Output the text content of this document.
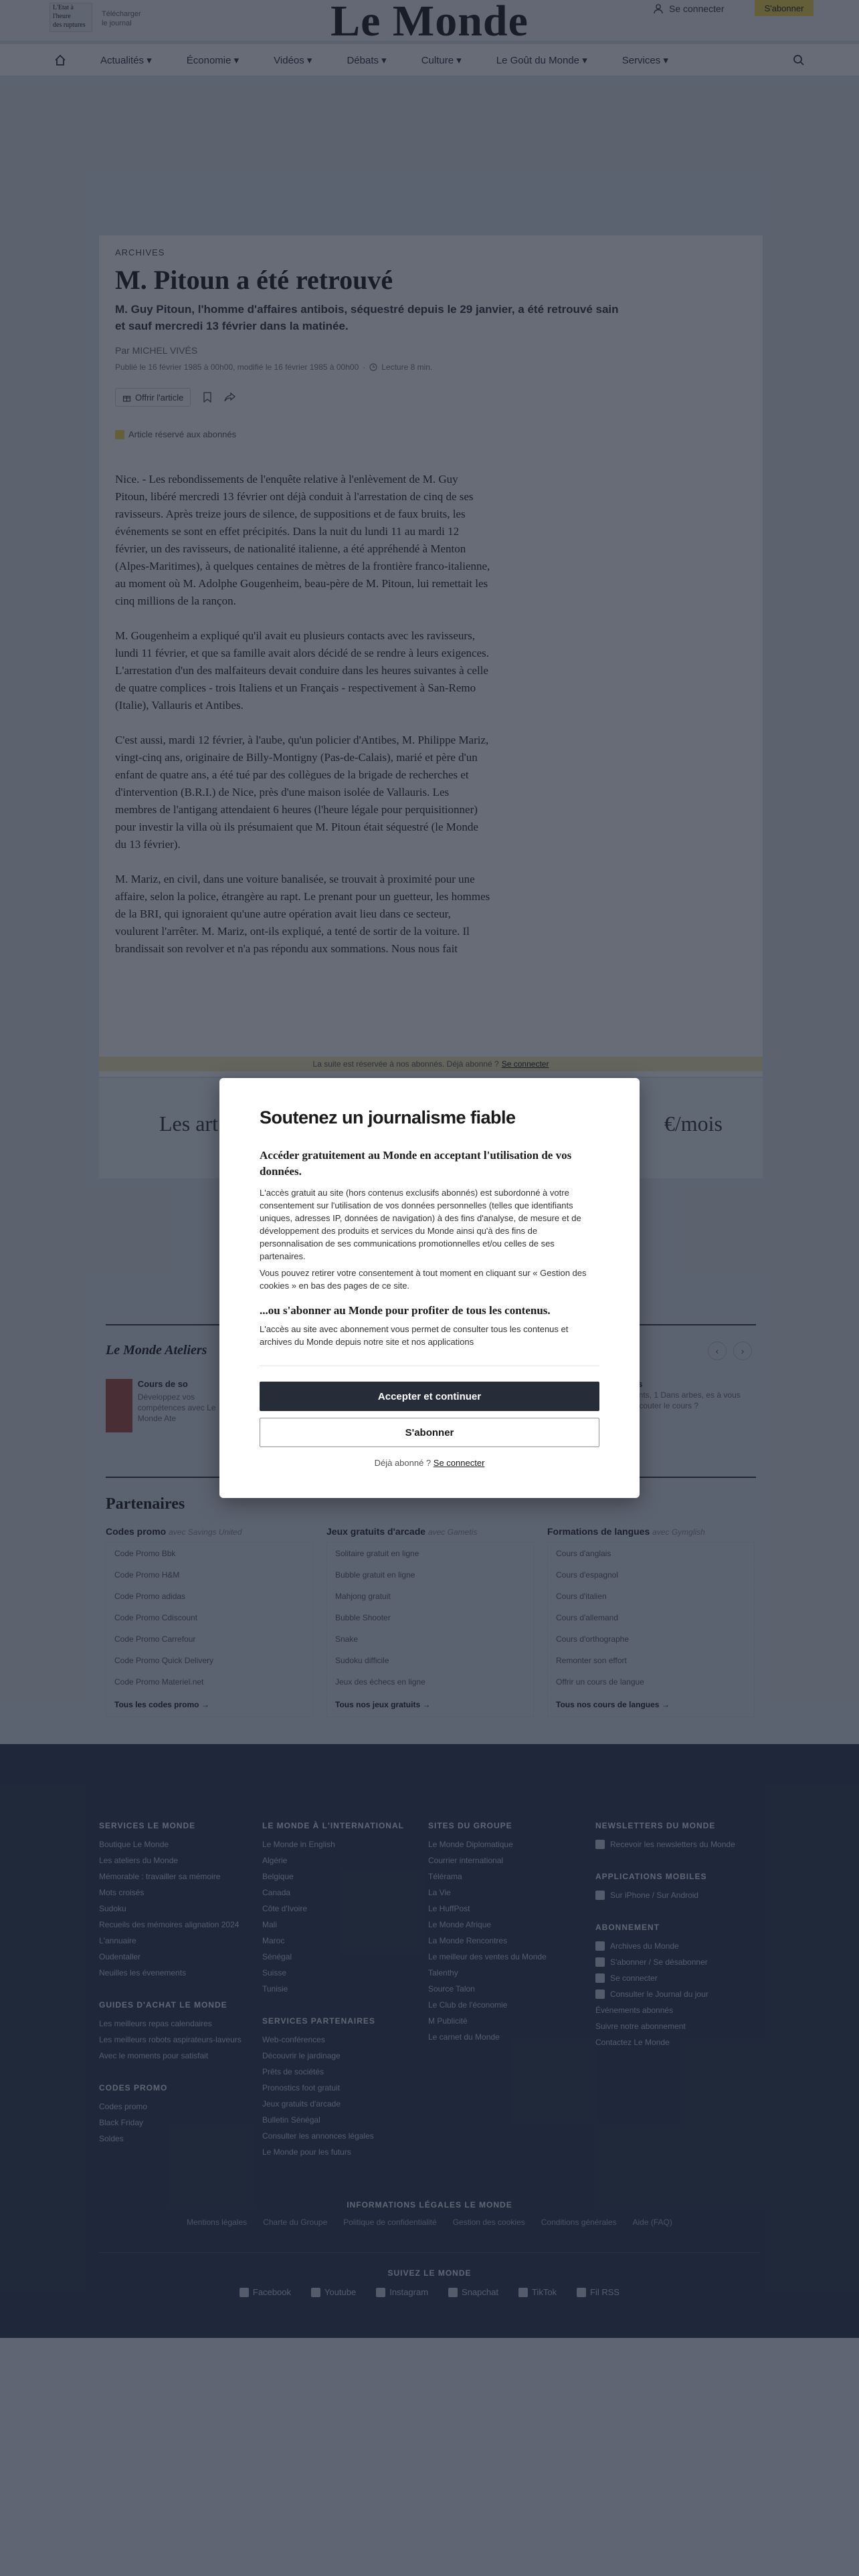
Soutenez un journalisme fiable
Accéder gratuitement au Monde en acceptant l'utilisation de vos données.

L'accès gratuit au site (hors contenus exclusifs abonnés) est subordonné à votre consentement sur l'utilisation de vos données personnelles (telles que identifiants uniques, adresses IP, données de navigation) à des fins d'analyse, de mesure et de développement des produits et services du Monde ainsi qu'à des fins de personnalisation de ses communications promotionnelles et/ou celles de ses partenaires.

Vous pouvez retirer votre consentement à tout moment en cliquant sur « Gestion des cookies » en bas des pages de ce site.

...ou s'abonner au Monde pour profiter de tous les contenus.

L'accès au site avec abonnement vous permet de consulter tous les contenus et archives du Monde depuis notre site et nos applications

Accepter et continuer
S'abonner
Déjà abonné ? Se connecter
